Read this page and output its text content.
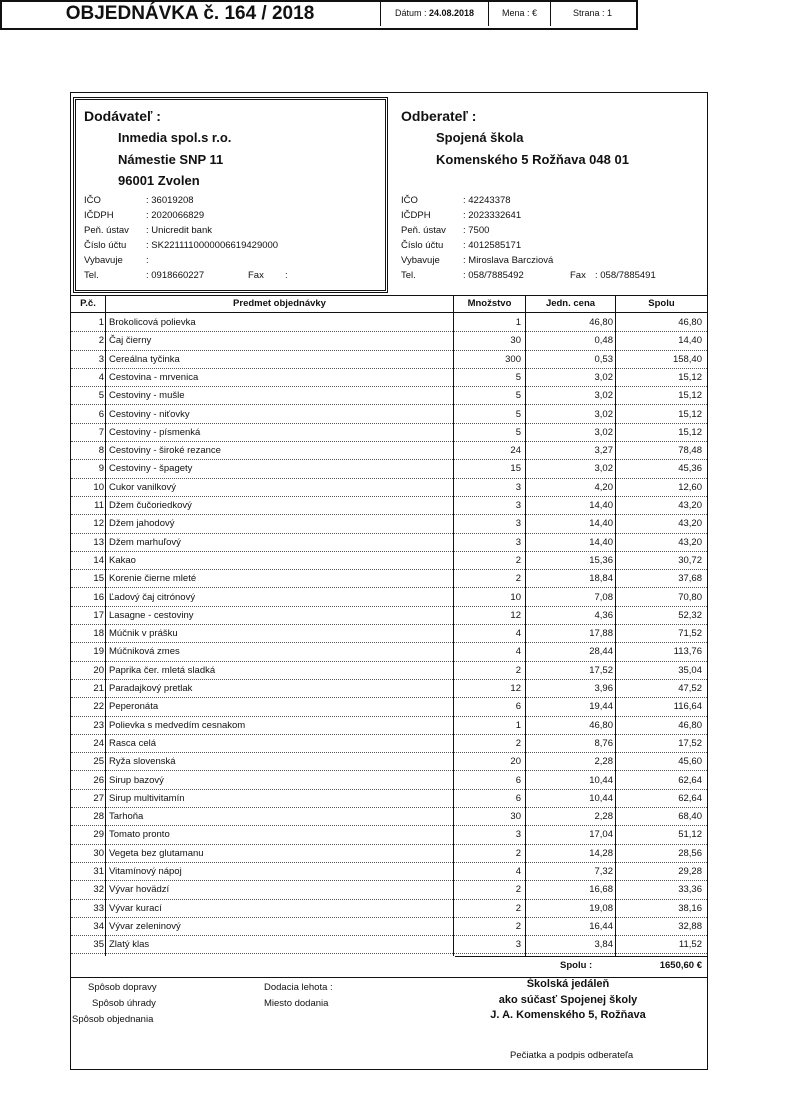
OBJEDNÁVKA č. 164 / 2018	Dátum : 24.08.2018	Mena : €	Strana : 1
Dodávateľ :
Inmedia spol.s r.o.
Námestie SNP 11
96001 Zvolen
IČO	: 36019208
IČDPH	: 2020066829
Peň. ústav : Unicredit bank
Číslo účtu : SK2211110000006619429000
Vybavuje :
Tel.	: 0918660227	Fax :
Odberateľ :
Spojená škola
Komenského 5 Rožňava 048 01
IČO	: 42243378
IČDPH	: 2023332641
Peň. ústav : 7500
Číslo účtu : 4012585171
Vybavuje : Miroslava Barcziová
Tel.	: 058/7885492	Fax : 058/7885491
P.č.	Predmet objednávky	Množstvo	Jedn. cena	Spolu
1 Brokolicová polievka	1	46,80	46,80
2 Čaj čierny	30	0,48	14,40
3 Cereálna tyčinka	300	0,53	158,40
4 Cestovina - mrvenica	5	3,02	15,12
5 Cestoviny - mušle	5	3,02	15,12
6 Cestoviny - niťovky	5	3,02	15,12
7 Cestoviny - písmenká	5	3,02	15,12
8 Cestoviny - široké rezance	24	3,27	78,48
9 Cestoviny - špagety	15	3,02	45,36
10 Cukor vanilkový	3	4,20	12,60
11 Džem čučoriedkový	3	14,40	43,20
12 Džem jahodový	3	14,40	43,20
13 Džem marhuľový	3	14,40	43,20
14 Kakao	2	15,36	30,72
15 Korenie čierne mleté	2	18,84	37,68
16 Ľadový čaj citrónový	10	7,08	70,80
17 Lasagne - cestoviny	12	4,36	52,32
18 Múčnik v prášku	4	17,88	71,52
19 Múčniková zmes	4	28,44	113,76
20 Paprika čer. mletá sladká	2	17,52	35,04
21 Paradajkový pretlak	12	3,96	47,52
22 Peperonáta	6	19,44	116,64
23 Polievka s medvedím cesnakom	1	46,80	46,80
24 Rasca celá	2	8,76	17,52
25 Ryža slovenská	20	2,28	45,60
26 Sirup bazový	6	10,44	62,64
27 Sirup multivitamín	6	10,44	62,64
28 Tarhoňa	30	2,28	68,40
29 Tomato pronto	3	17,04	51,12
30 Vegeta bez glutamanu	2	14,28	28,56
31 Vitamínový nápoj	4	7,32	29,28
32 Vývar hovädzí	2	16,68	33,36
33 Vývar kurací	2	19,08	38,16
34 Vývar zeleninový	2	16,44	32,88
35 Zlatý klas	3	3,84	11,52
Spolu :	1650,60 €
Spôsob dopravy
Spôsob úhrady
Spôsob objednania
Dodacia lehota :
Miesto dodania
Školská jedáleň
ako súčasť Spojenej školy
J. A. Komenského 5, Rožňava
Pečiatka a podpis odberateľa
